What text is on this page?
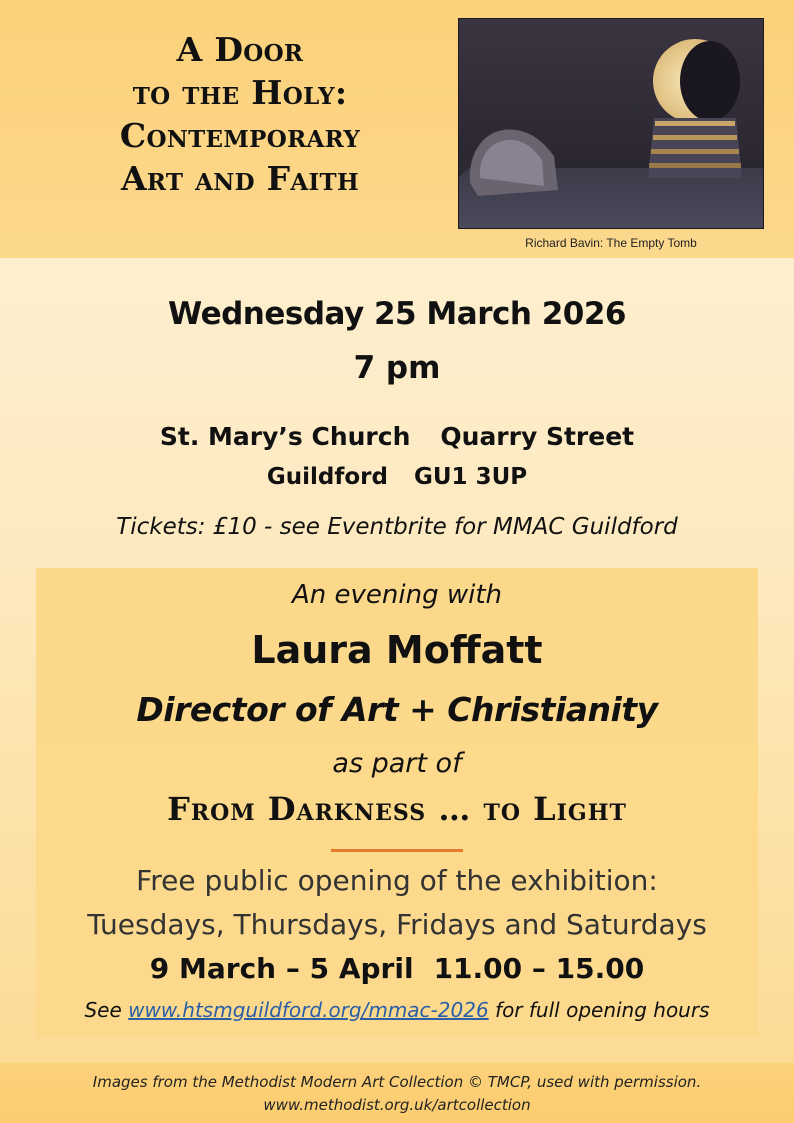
A Door
to the Holy:
Contemporary
Art and Faith
Richard Bavin: The Empty Tomb
Wednesday 25 March 2026
7 pm
St. Mary’s Church Quarry Street
Guildford GU1 3UP
Tickets: £10 - see Eventbrite for MMAC Guildford
An evening with
Laura Moffatt
Director of Art + Christianity
as part of
From Darkness … to Light
Free public opening of the exhibition:
Tuesdays, Thursdays, Fridays and Saturdays
9 March – 5 April 11.00 – 15.00
See www.htsmguildford.org/mmac-2026 for full opening hours
Images from the Methodist Modern Art Collection © TMCP, used with permission.
www.methodist.org.uk/artcollection
